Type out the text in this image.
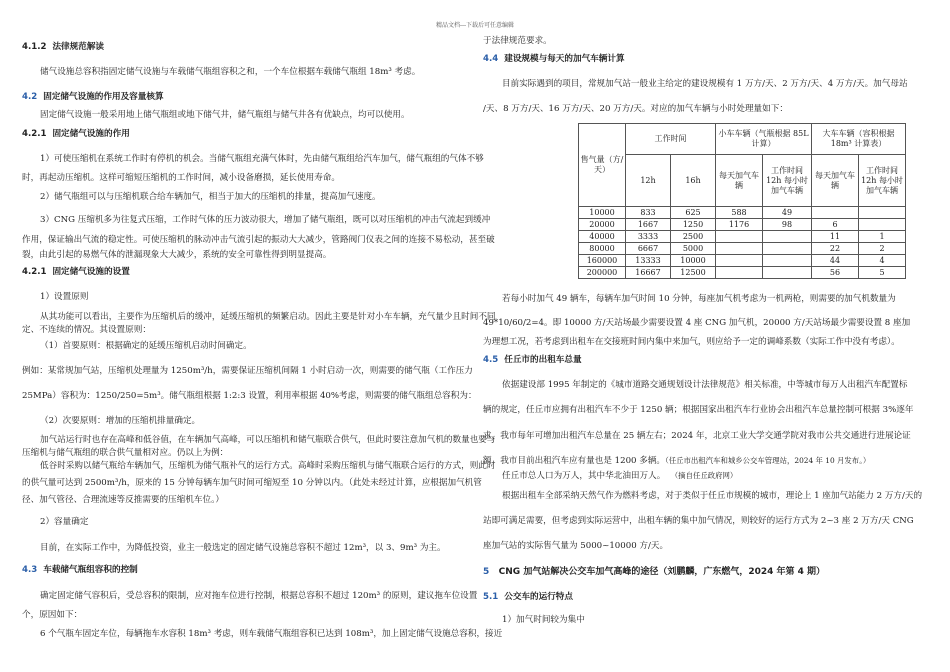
精品文档---下载后可任意编辑
4.1.2 法律规范解读
储气设施总容积指固定储气设施与车载储气瓶组容积之和，一个车位根据车载储气瓶组 18m³ 考虑。
4.2 固定储气设施的作用及容量核算
固定储气设施一般采用地上储气瓶组或地下储气井，储气瓶组与储气井各有优缺点，均可以使用。
4.2.1 固定储气设施的作用
1）可使压缩机在系统工作时有停机的机会。当储气瓶组充满气体时，先由储气瓶组给汽车加气，储气瓶组的气体不够
时，再起动压缩机。这样可缩短压缩机的工作时间，减小设备磨损，延长使用寿命。
2）储气瓶组可以与压缩机联合给车辆加气，相当于加大的压缩机的排量，提高加气速度。
3）CNG 压缩机多为往复式压缩，工作时气体的压力波动很大，增加了储气瓶组，既可以对压缩机的冲击气流起到缓冲
作用，保证输出气流的稳定性。可使压缩机的脉动冲击气流引起的振动大大减少，管路阀门仪表之间的连接不易松动，甚至破
裂，由此引起的易燃气体的泄漏现象大大减少，系统的安全可靠性得到明显提高。
4.2.1 固定储气设施的设置
1）设置原则
从其功能可以看出，主要作为压缩机后的缓冲，延缓压缩机的频繁启动。因此主要是针对小车车辆，充气量少且时间不同
定、不连续的情况。其设置原则：
（1）首要原则：根据确定的延缓压缩机启动时间确定。
例如：某常规加气站，压缩机处理量为 1250m³/h，需要保证压缩机间隔 1 小时启动一次，则需要的储气瓶（工作压力
25MPa）容积为：1250/250=5m³。储气瓶组根据 1:2:3 设置，利用率根据 40%考虑，则需要的储气瓶组总容积为：
（2）次要原则：增加的压缩机排量确定。
加气站运行时也存在高峰和低谷值，在车辆加气高峰，可以压缩机和储气瓶联合供气，但此时要注意加气机的数量也要与
压缩机与储气瓶组的联合供气量相对应。仍以上为例：
低谷时采购以储气瓶给车辆加气，压缩机为储气瓶补气的运行方式。高峰时采购压缩机与储气瓶联合运行的方式，则此时
的供气量可达到 2500m³/h，原来的 15 分钟每辆车加气时间可缩短至 10 分钟以内。（此处未经过计算，应根据加气机管
径、加气管径、合理流速等反推需要的压缩机车位。）
2）容量确定
目前，在实际工作中，为降低投资，业主一般选定的固定储气设施总容积不超过 12m³，以 3、9m³ 为主。
4.3 车载储气瓶组容积的控制
确定固定储气容积后，受总容积的限制，应对拖车位进行控制，根据总容积不超过 120m³ 的原则，建议拖车位设置
个，原因如下：
6 个气瓶车固定车位，每辆拖车水容积 18m³ 考虑，则车载储气瓶组容积已达到 108m³，加上固定储气设施总容积，接近
于法律规范要求。
4.4 建设规模与每天的加气车辆计算
目前实际遇到的项目，常规加气站一般业主给定的建设规模有 1 万方/天、2 万方/天、4 万方/天。加气母站
/天、8 万方/天、16 万方/天、20 万方/天。对应的加气车辆与小时处理量如下：
售气量（方/天）	工作时间		小车车辆（气瓶根据 85L 计算）		大车车辆（容积根据 18m³ 计算表）	
	12h	16h	每天加气车辆	工作时间 12h 每小时加气车辆	每天加气车辆	工作时间 12h 每小时加气车辆
10000	833	625	588	49		
20000	1667	1250	1176	98	6	
40000	3333	2500			11	1
80000	6667	5000			22	2
160000	13333	10000			44	4
200000	16667	12500			56	5
若每小时加气 49 辆车，每辆车加气时间 10 分钟，每座加气机考虑为一机两枪，则需要的加气机数量为
49*10/60/2=4。即 10000 方/天站场最少需要设置 4 座 CNG 加气机，20000 方/天站场最少需要设置 8 座加
为理想工况，若考虑到出租车在交接班时间内集中来加气，则应给予一定的调峰系数（实际工作中没有考虑）。
4.5 任丘市的出租车总量
依据建设部 1995 年制定的《城市道路交通规划设计法律规范》相关标准，中等城市每万人出租汽车配置标
辆的规定，任丘市应拥有出租汽车不少于 1250 辆；根据国家出租汽车行业协会出租汽车总量控制可根据 3%逐年
求，我市每年可增加出租汽车总量在 25 辆左右；2024 年，北京工业大学交通学院对我市公共交通进行进展论证
额，我市目前出租汽车应有量也是 1200 多辆。（任丘市出租汽车和城乡公交车管理站，2024 年 10 月发布。）
任丘市总人口为万人，其中华北油田万人。 （摘自任丘政府网）
根据出租车全部采纳天然气作为燃料考虑，对于类似于任丘市规模的城市，理论上 1 座加气站能力 2 万方/天的
站即可满足需要，但考虑到实际运营中，出租车辆的集中加气情况，则较好的运行方式为 2~3 座 2 万方/天 CNG
座加气站的实际售气量为 5000~10000 方/天。
5 CNG 加气站解决公交车加气高峰的途径（刘鹏麟，广东燃气，2024 年第 4 期）
5.1 公交车的运行特点
1）加气时间较为集中
